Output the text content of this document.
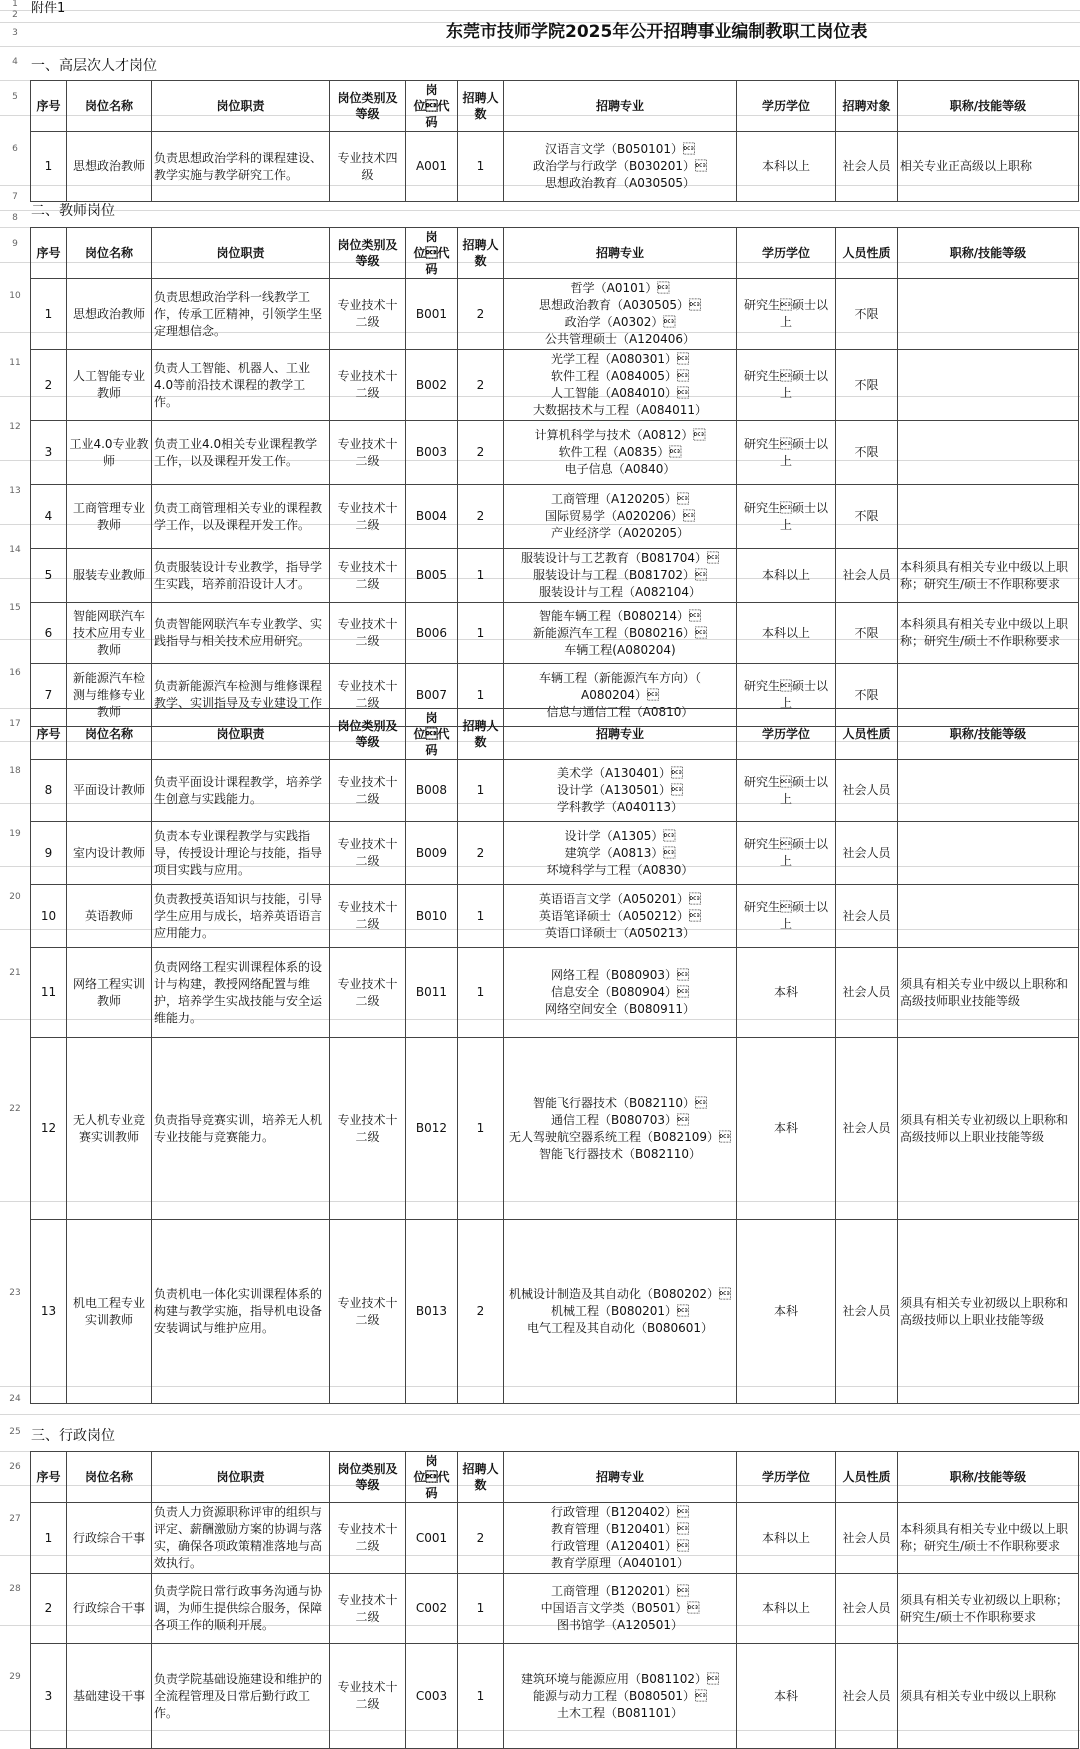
1
2
3
4
5
6
7
8
9
10
11
12
13
14
15
16
17
18
19
20
21
22
23
24
25
26
27
28
29
附件1
东莞市技师学院2025年公开招聘事业编制教职工岗位表
一、高层次人才岗位
序号	岗位名称	岗位职责	岗位类别及等级	岗位代码	招聘人数	招聘专业	学历学位	招聘对象	职称/技能等级
1	思想政治教师	负责思想政治学科的课程建设、教学实施与教学研究工作。	专业技术四级	A001	1	汉语言文学（B050101）
政治学与行政学（B030201）
思想政治教育（A030505）	本科以上	社会人员	相关专业正高级以上职称
二、教师岗位
序号	岗位名称	岗位职责	岗位类别及等级	岗位代码	招聘人数	招聘专业	学历学位	人员性质	职称/技能等级
1	思想政治教师	负责思想政治学科一线教学工作，传承工匠精神，引领学生坚定理想信念。	专业技术十二级	B001	2	哲学（A0101）
思想政治教育（A030505）
政治学（A0302）
公共管理硕士（A120406）	研究生硕士以上	不限	
2	人工智能专业教师	负责人工智能、机器人、工业4.0等前沿技术课程的教学工作。	专业技术十二级	B002	2	光学工程（A080301）
软件工程（A084005）
人工智能（A084010）
大数据技术与工程（A084011）	研究生硕士以上	不限	
3	工业4.0专业教师	负责工业4.0相关专业课程教学工作，以及课程开发工作。	专业技术十二级	B003	2	计算机科学与技术（A0812）
软件工程（A0835）
电子信息（A0840）	研究生硕士以上	不限	
4	工商管理专业教师	负责工商管理相关专业的课程教学工作，以及课程开发工作。	专业技术十二级	B004	2	工商管理（A120205）
国际贸易学（A020206）
产业经济学（A020205）	研究生硕士以上	不限	
5	服装专业教师	负责服装设计专业教学，指导学生实践，培养前沿设计人才。	专业技术十二级	B005	1	服装设计与工艺教育（B081704）
服装设计与工程（B081702）
服装设计与工程（A082104）	本科以上	社会人员	本科须具有相关专业中级以上职称；研究生/硕士不作职称要求
6	智能网联汽车技术应用专业教师	负责智能网联汽车专业教学、实践指导与相关技术应用研究。	专业技术十二级	B006	1	智能车辆工程（B080214）
新能源汽车工程（B080216）
车辆工程(A080204)	本科以上	不限	本科须具有相关专业中级以上职称；研究生/硕士不作职称要求
7	新能源汽车检测与维修专业教师	负责新能源汽车检测与维修课程教学、实训指导及专业建设工作	专业技术十二级	B007	1	车辆工程（新能源汽车方向）（
A080204）
信息与通信工程（A0810）	研究生硕士以上	不限	
序号	岗位名称	岗位职责	岗位类别及等级	岗位代码	招聘人数	招聘专业	学历学位	人员性质	职称/技能等级
8	平面设计教师	负责平面设计课程教学，培养学生创意与实践能力。	专业技术十二级	B008	1	美术学（A130401）
设计学（A130501）
学科教学（A040113）	研究生硕士以上	社会人员	
9	室内设计教师	负责本专业课程教学与实践指导，传授设计理论与技能，指导项目实践与应用。	专业技术十二级	B009	2	设计学（A1305）
建筑学（A0813）
环境科学与工程（A0830）	研究生硕士以上	社会人员	
10	英语教师	负责教授英语知识与技能，引导学生应用与成长，培养英语语言应用能力。	专业技术十二级	B010	1	英语语言文学（A050201）
英语笔译硕士（A050212）
英语口译硕士（A050213）	研究生硕士以上	社会人员	
11	网络工程实训教师	负责网络工程实训课程体系的设计与构建，教授网络配置与维护，培养学生实战技能与安全运维能力。	专业技术十二级	B011	1	网络工程（B080903）
信息安全（B080904）
网络空间安全（B080911）	本科	社会人员	须具有相关专业中级以上职称和高级技师职业技能等级
12	无人机专业竞赛实训教师	负责指导竞赛实训，培养无人机专业技能与竞赛能力。	专业技术十二级	B012	1	智能飞行器技术（B082110）
通信工程（B080703）
无人驾驶航空器系统工程（B082109）
智能飞行器技术（B082110）	本科	社会人员	须具有相关专业初级以上职称和高级技师以上职业技能等级
13	机电工程专业实训教师	负责机电一体化实训课程体系的构建与教学实施，指导机电设备安装调试与维护应用。	专业技术十二级	B013	2	机械设计制造及其自动化（B080202）
机械工程（B080201）
电气工程及其自动化（B080601）	本科	社会人员	须具有相关专业初级以上职称和高级技师以上职业技能等级
三、行政岗位
序号	岗位名称	岗位职责	岗位类别及等级	岗位代码	招聘人数	招聘专业	学历学位	人员性质	职称/技能等级
1	行政综合干事	负责人力资源职称评审的组织与评定、薪酬激励方案的协调与落实，确保各项政策精准落地与高效执行。	专业技术十二级	C001	2	行政管理（B120402）
教育管理（B120401）
行政管理（A120401）
教育学原理（A040101）	本科以上	社会人员	本科须具有相关专业中级以上职称；研究生/硕士不作职称要求
2	行政综合干事	负责学院日常行政事务沟通与协调，为师生提供综合服务，保障各项工作的顺利开展。	专业技术十二级	C002	1	工商管理（B120201）
中国语言文学类（B0501）
图书馆学（A120501）	本科以上	社会人员	须具有相关专业初级以上职称；研究生/硕士不作职称要求
3	基础建设干事	负责学院基础设施建设和维护的全流程管理及日常后勤行政工作。	专业技术十二级	C003	1	建筑环境与能源应用（B081102）
能源与动力工程（B080501）
土木工程（B081101）	本科	社会人员	须具有相关专业中级以上职称
